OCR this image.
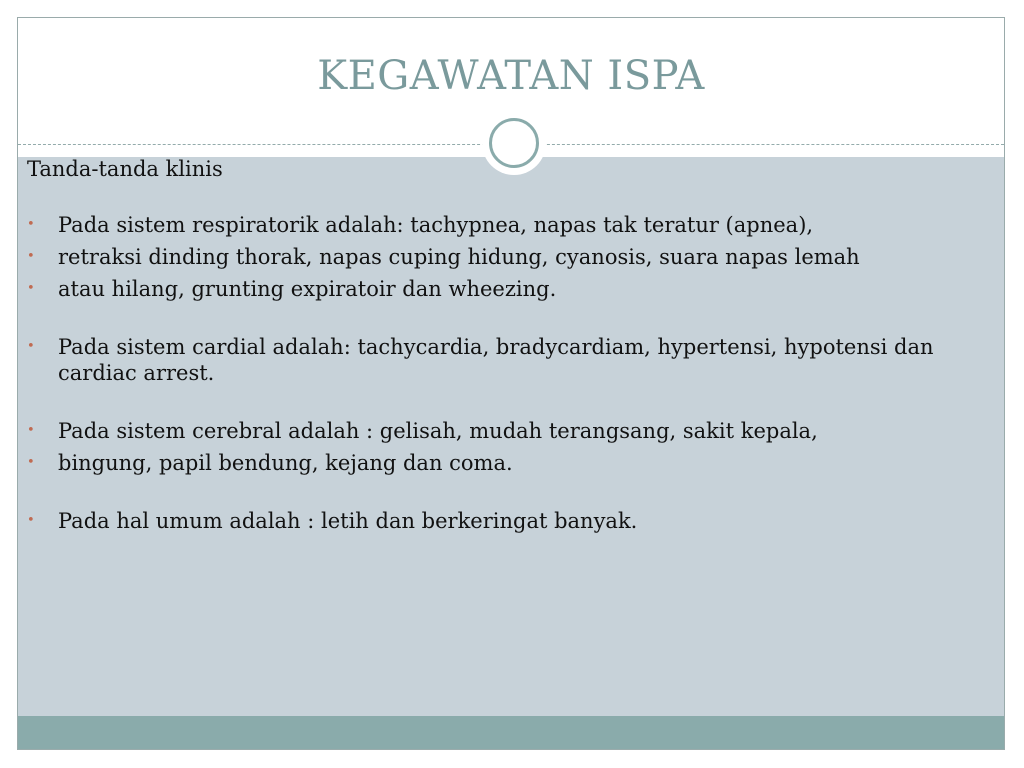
KEGAWATAN ISPA
Tanda-tanda klinis
• Pada sistem respiratorik adalah: tachypnea, napas tak teratur (apnea),
• retraksi dinding thorak, napas cuping hidung, cyanosis, suara napas lemah
• atau hilang, grunting expiratoir dan wheezing.
• Pada sistem cardial adalah: tachycardia, bradycardiam, hypertensi, hypotensi dan cardiac arrest.
• Pada sistem cerebral adalah : gelisah, mudah terangsang, sakit kepala,
• bingung, papil bendung, kejang dan coma.
• Pada hal umum adalah : letih dan berkeringat banyak.
